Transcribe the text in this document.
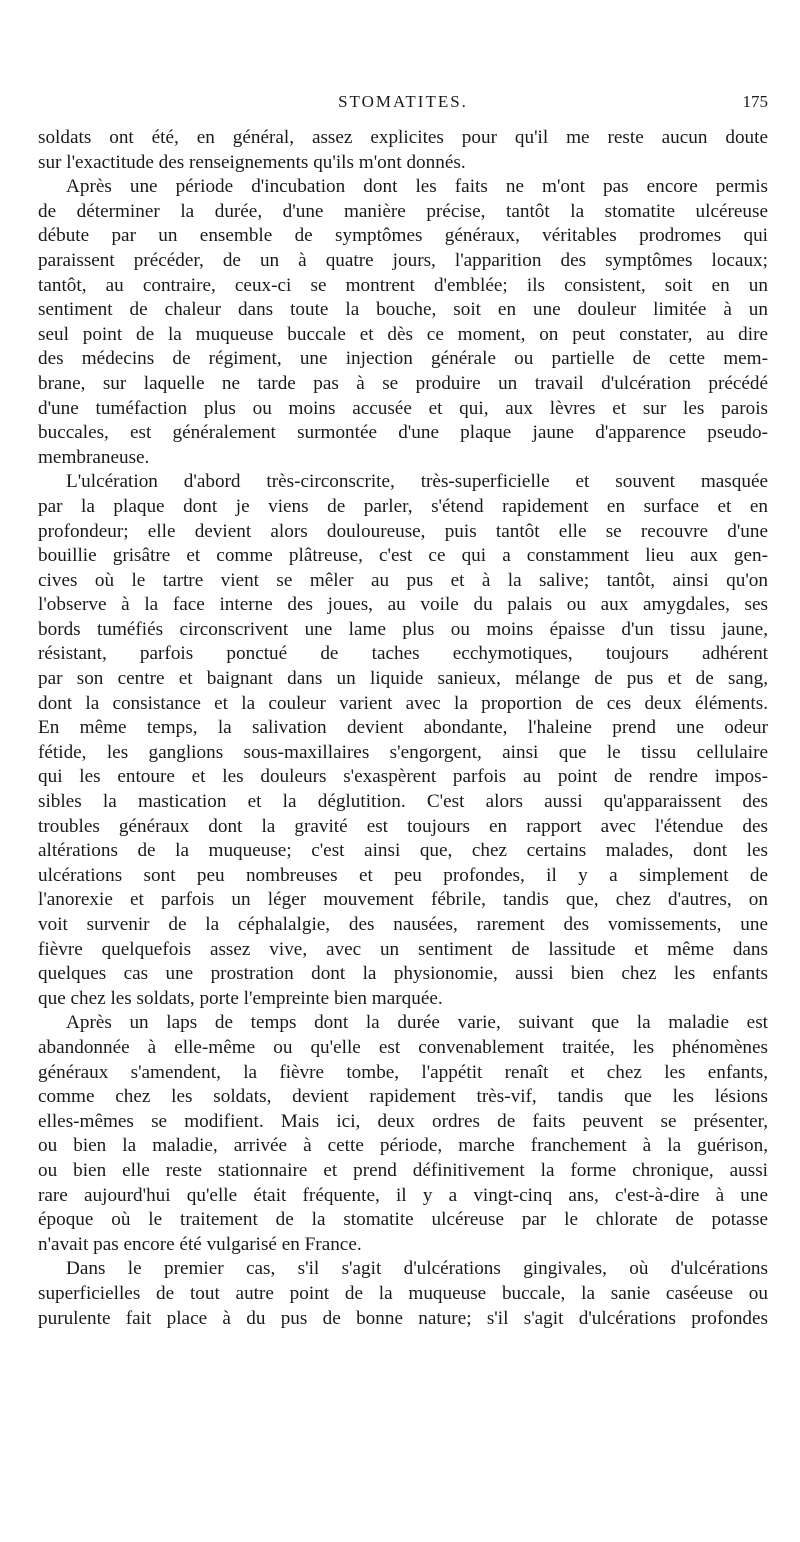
STOMATITES.	175

soldats ont été, en général, assez explicites pour qu'il me reste aucun doute
sur l'exactitude des renseignements qu'ils m'ont donnés.

Après une période d'incubation dont les faits ne m'ont pas encore permis
de déterminer la durée, d'une manière précise, tantôt la stomatite ulcéreuse
débute par un ensemble de symptômes généraux, véritables prodromes qui
paraissent précéder, de un à quatre jours, l'apparition des symptômes locaux;
tantôt, au contraire, ceux-ci se montrent d'emblée; ils consistent, soit en un
sentiment de chaleur dans toute la bouche, soit en une douleur limitée à un
seul point de la muqueuse buccale et dès ce moment, on peut constater, au dire
des médecins de régiment, une injection générale ou partielle de cette mem-
brane, sur laquelle ne tarde pas à se produire un travail d'ulcération précédé
d'une tuméfaction plus ou moins accusée et qui, aux lèvres et sur les parois
buccales, est généralement surmontée d'une plaque jaune d'apparence pseudo-
membraneuse.

L'ulcération d'abord très-circonscrite, très-superficielle et souvent masquée
par la plaque dont je viens de parler, s'étend rapidement en surface et en
profondeur; elle devient alors douloureuse, puis tantôt elle se recouvre d'une
bouillie grisâtre et comme plâtreuse, c'est ce qui a constamment lieu aux gen-
cives où le tartre vient se mêler au pus et à la salive; tantôt, ainsi qu'on
l'observe à la face interne des joues, au voile du palais ou aux amygdales, ses
bords tuméfiés circonscrivent une lame plus ou moins épaisse d'un tissu jaune,
résistant, parfois ponctué de taches ecchymotiques, toujours adhérent
par son centre et baignant dans un liquide sanieux, mélange de pus et de sang,
dont la consistance et la couleur varient avec la proportion de ces deux éléments.
En même temps, la salivation devient abondante, l'haleine prend une odeur
fétide, les ganglions sous-maxillaires s'engorgent, ainsi que le tissu cellulaire
qui les entoure et les douleurs s'exaspèrent parfois au point de rendre impos-
sibles la mastication et la déglutition. C'est alors aussi qu'apparaissent des
troubles généraux dont la gravité est toujours en rapport avec l'étendue des
altérations de la muqueuse; c'est ainsi que, chez certains malades, dont les
ulcérations sont peu nombreuses et peu profondes, il y a simplement de
l'anorexie et parfois un léger mouvement fébrile, tandis que, chez d'autres, on
voit survenir de la céphalalgie, des nausées, rarement des vomissements, une
fièvre quelquefois assez vive, avec un sentiment de lassitude et même dans
quelques cas une prostration dont la physionomie, aussi bien chez les enfants
que chez les soldats, porte l'empreinte bien marquée.

Après un laps de temps dont la durée varie, suivant que la maladie est
abandonnée à elle-même ou qu'elle est convenablement traitée, les phénomènes
généraux s'amendent, la fièvre tombe, l'appétit renaît et chez les enfants,
comme chez les soldats, devient rapidement très-vif, tandis que les lésions
elles-mêmes se modifient. Mais ici, deux ordres de faits peuvent se présenter,
ou bien la maladie, arrivée à cette période, marche franchement à la guérison,
ou bien elle reste stationnaire et prend définitivement la forme chronique, aussi
rare aujourd'hui qu'elle était fréquente, il y a vingt-cinq ans, c'est-à-dire à une
époque où le traitement de la stomatite ulcéreuse par le chlorate de potasse
n'avait pas encore été vulgarisé en France.

Dans le premier cas, s'il s'agit d'ulcérations gingivales, où d'ulcérations
superficielles de tout autre point de la muqueuse buccale, la sanie caséeuse ou
purulente fait place à du pus de bonne nature; s'il s'agit d'ulcérations profondes
